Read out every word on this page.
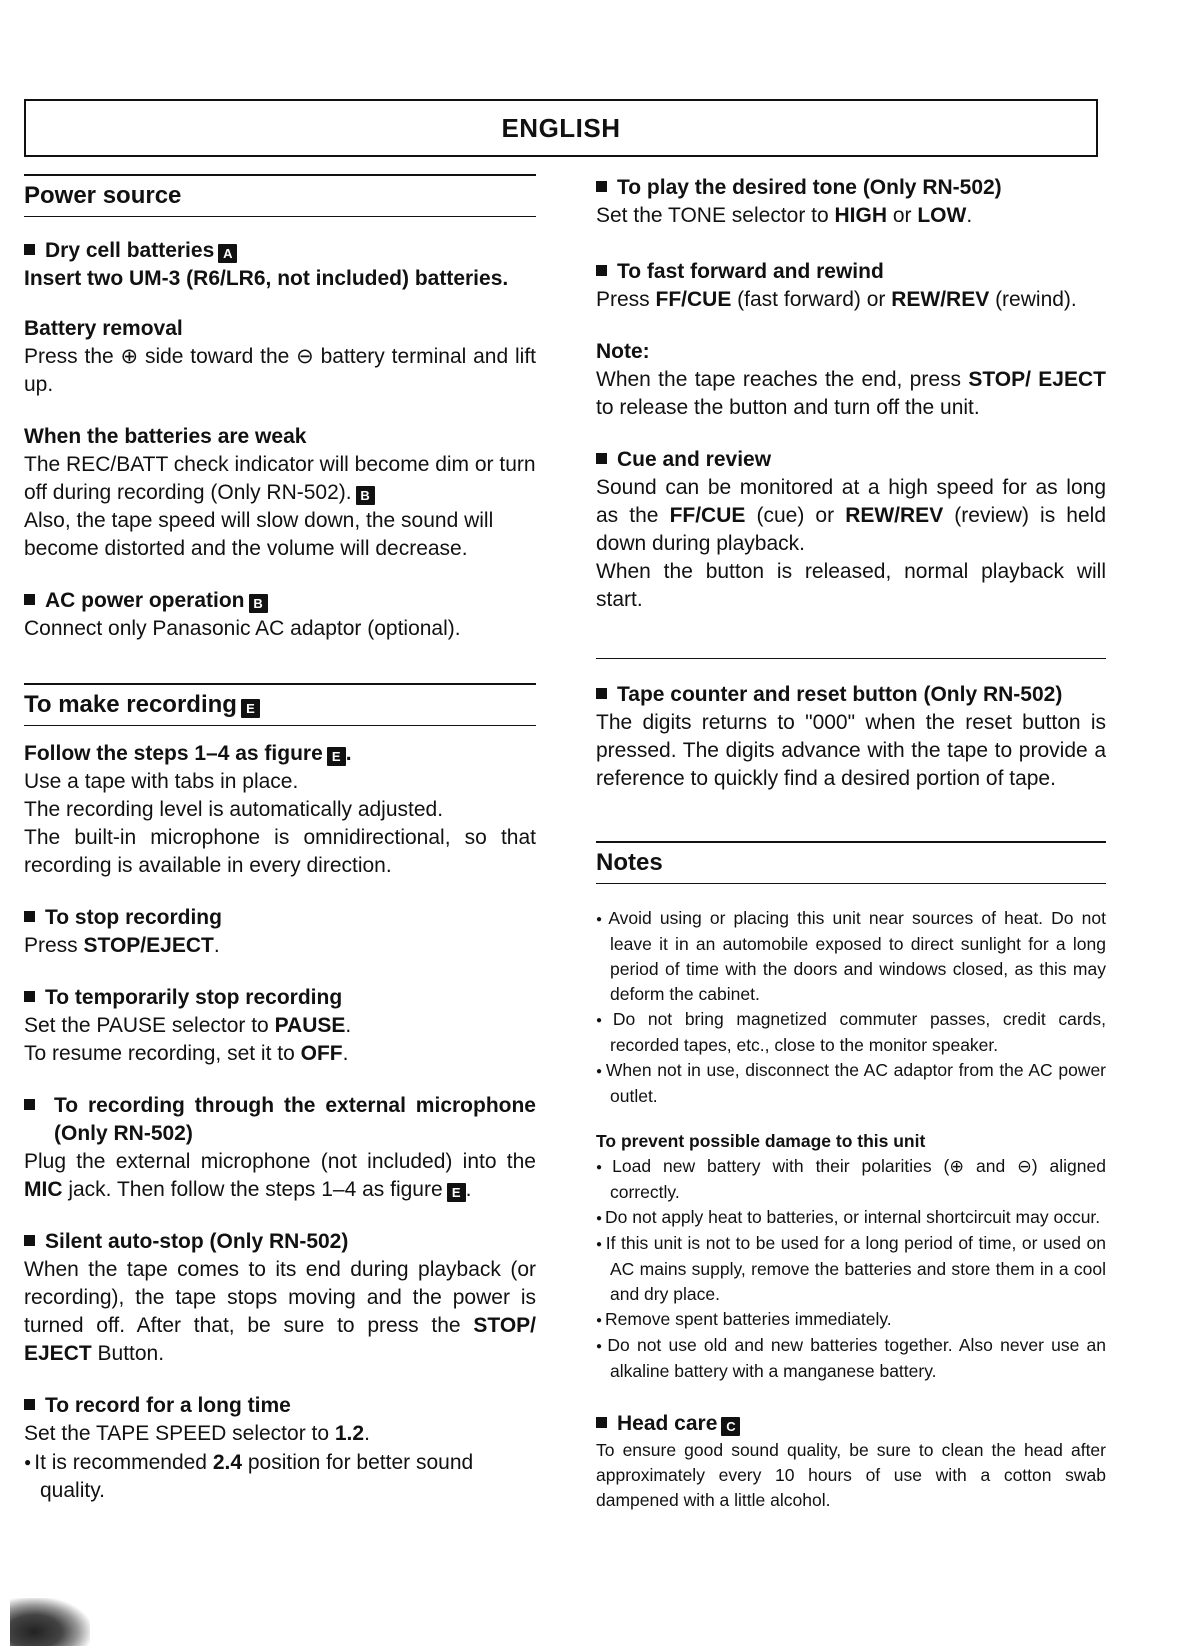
ENGLISH
Power source
Dry cell batteries A

Insert two UM-3 (R6/LR6, not included) batteries.

Battery removal

Press the ⊕ side toward the ⊖ battery terminal and lift up.

When the batteries are weak

The REC/BATT check indicator will become dim or turn off during recording (Only RN-502). B

Also, the tape speed will slow down, the sound will become distorted and the volume will decrease.

AC power operation B

Connect only Panasonic AC adaptor (optional).

To make recording E
Follow the steps 1–4 as figure E .

Use a tape with tabs in place.

The recording level is automatically adjusted.

The built-in microphone is omnidirectional, so that recording is available in every direction.

To stop recording

Press STOP/EJECT.

To temporarily stop recording

Set the PAUSE selector to PAUSE.

To resume recording, set it to OFF.

To recording through the external microphone (Only RN-502)

Plug the external microphone (not included) into the MIC jack. Then follow the steps 1–4 as figure E .

Silent auto-stop (Only RN-502)

When the tape comes to its end during playback (or recording), the tape stops moving and the power is turned off. After that, be sure to press the STOP/ EJECT Button.

To record for a long time

Set the TAPE SPEED selector to 1.2.

● It is recommended 2.4 position for better sound quality.

To play the desired tone (Only RN-502)

Set the TONE selector to HIGH or LOW.

To fast forward and rewind

Press FF/CUE (fast forward) or REW/REV (rewind).

Note:

When the tape reaches the end, press STOP/ EJECT to release the button and turn off the unit.

Cue and review

Sound can be monitored at a high speed for as long as the FF/CUE (cue) or REW/REV (review) is held down during playback.

When the button is released, normal playback will start.

Tape counter and reset button (Only RN-502)

The digits returns to "000" when the reset button is pressed. The digits advance with the tape to provide a reference to quickly find a desired portion of tape.

Notes
● Avoid using or placing this unit near sources of heat. Do not leave it in an automobile exposed to direct sunlight for a long period of time with the doors and windows closed, as this may deform the cabinet.
● Do not bring magnetized commuter passes, credit cards, recorded tapes, etc., close to the monitor speaker.
● When not in use, disconnect the AC adaptor from the AC power outlet.
To prevent possible damage to this unit
● Load new battery with their polarities (⊕ and ⊖) aligned correctly.
● Do not apply heat to batteries, or internal shortcircuit may occur.
● If this unit is not to be used for a long period of time, or used on AC mains supply, remove the batteries and store them in a cool and dry place.
● Remove spent batteries immediately.
● Do not use old and new batteries together. Also never use an alkaline battery with a manganese battery.
Head care C

To ensure good sound quality, be sure to clean the head after approximately every 10 hours of use with a cotton swab dampened with a little alcohol.
